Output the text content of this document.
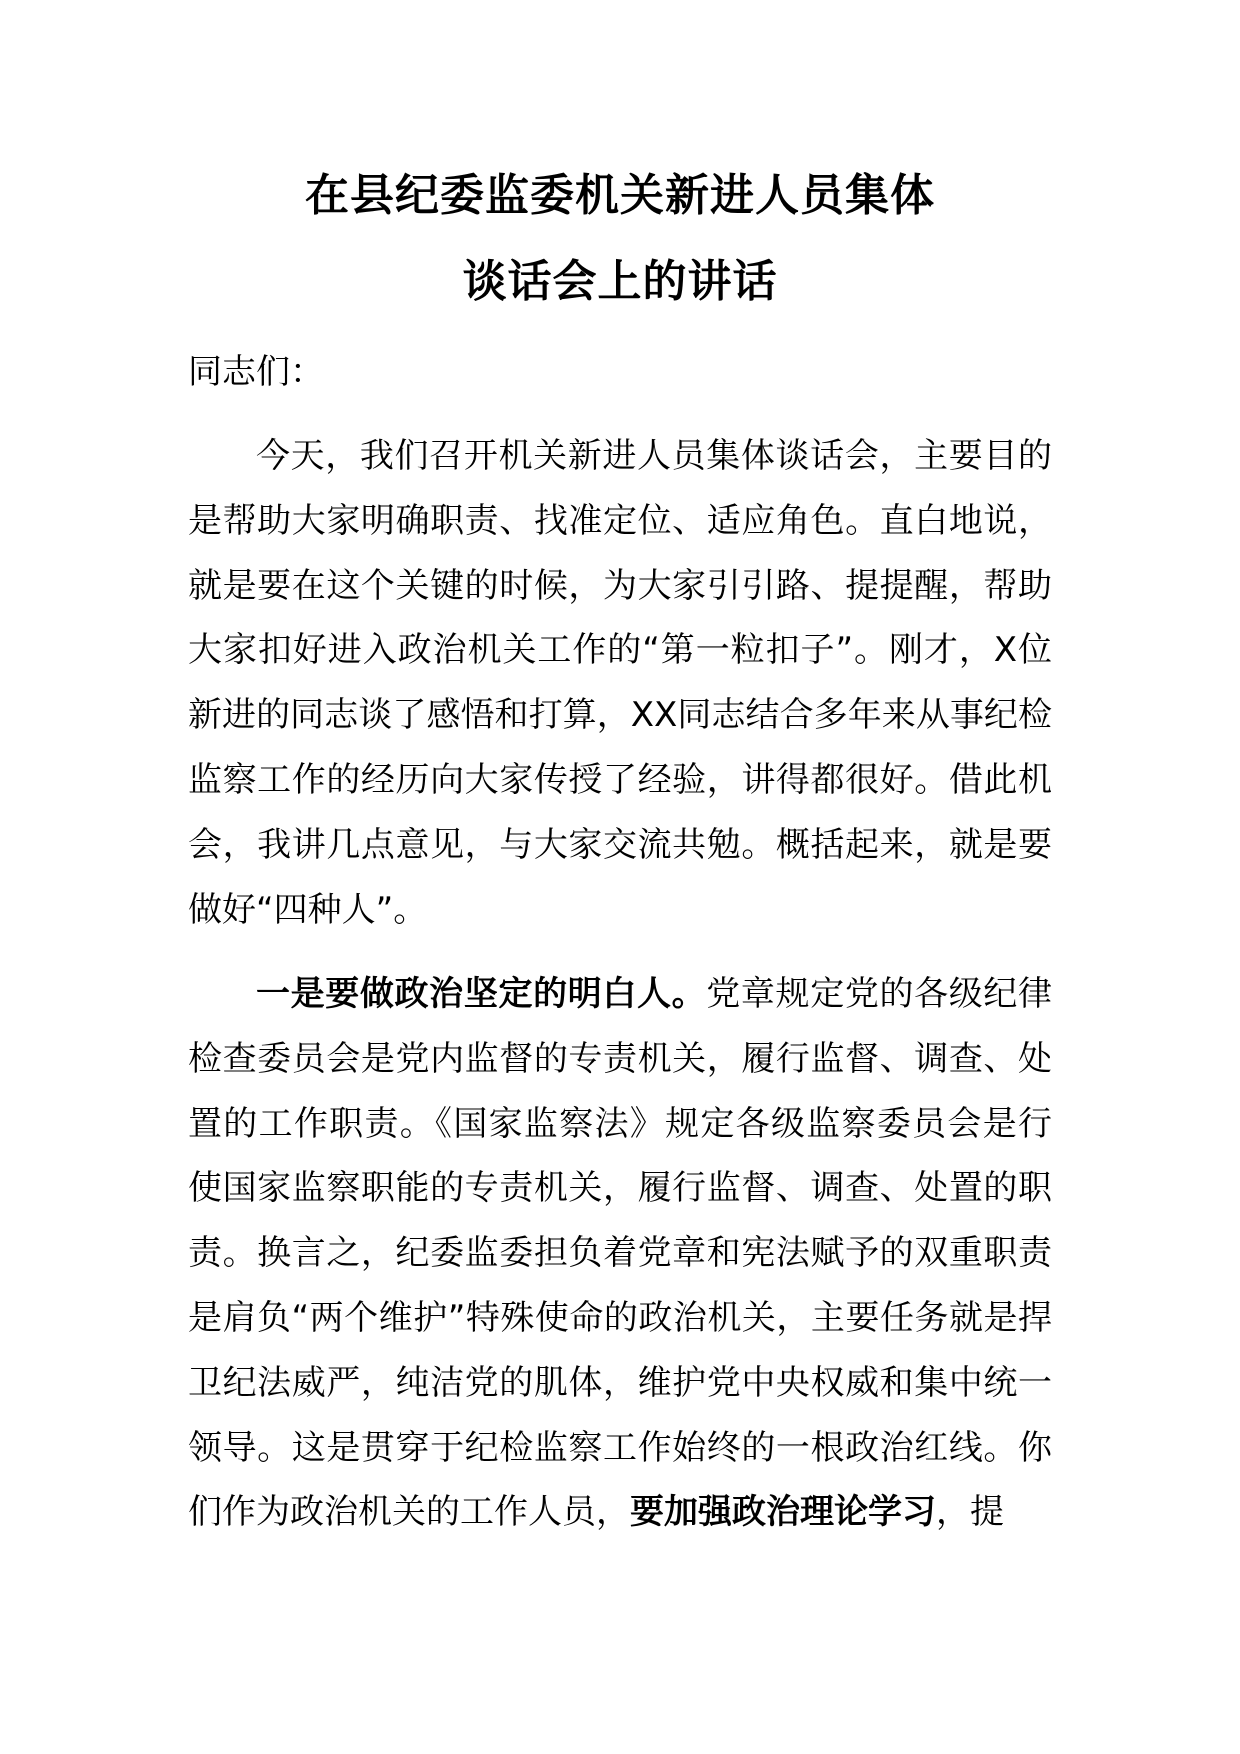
在县纪委监委机关新进人员集体
谈话会上的讲话
同志们：
今天，我们召开机关新进人员集体谈话会，主要目的是帮助大家明确职责、找准定位、适应角色。直白地说，就是要在这个关键的时候，为大家引引路、提提醒，帮助大家扣好进入政治机关工作的“第一粒扣子”。刚才，X位新进的同志谈了感悟和打算，XX同志结合多年来从事纪检监察工作的经历向大家传授了经验，讲得都很好。借此机会，我讲几点意见，与大家交流共勉。概括起来，就是要做好“四种人”。
一是要做政治坚定的明白人。党章规定党的各级纪律检查委员会是党内监督的专责机关，履行监督、调查、处置的工作职责。《国家监察法》规定各级监察委员会是行使国家监察职能的专责机关，履行监督、调查、处置的职责。换言之，纪委监委担负着党章和宪法赋予的双重职责是肩负“两个维护”特殊使命的政治机关，主要任务就是捍卫纪法威严，纯洁党的肌体，维护党中央权威和集中统一领导。这是贯穿于纪检监察工作始终的一根政治红线。你们作为政治机关的工作人员，要加强政治理论学习，提
